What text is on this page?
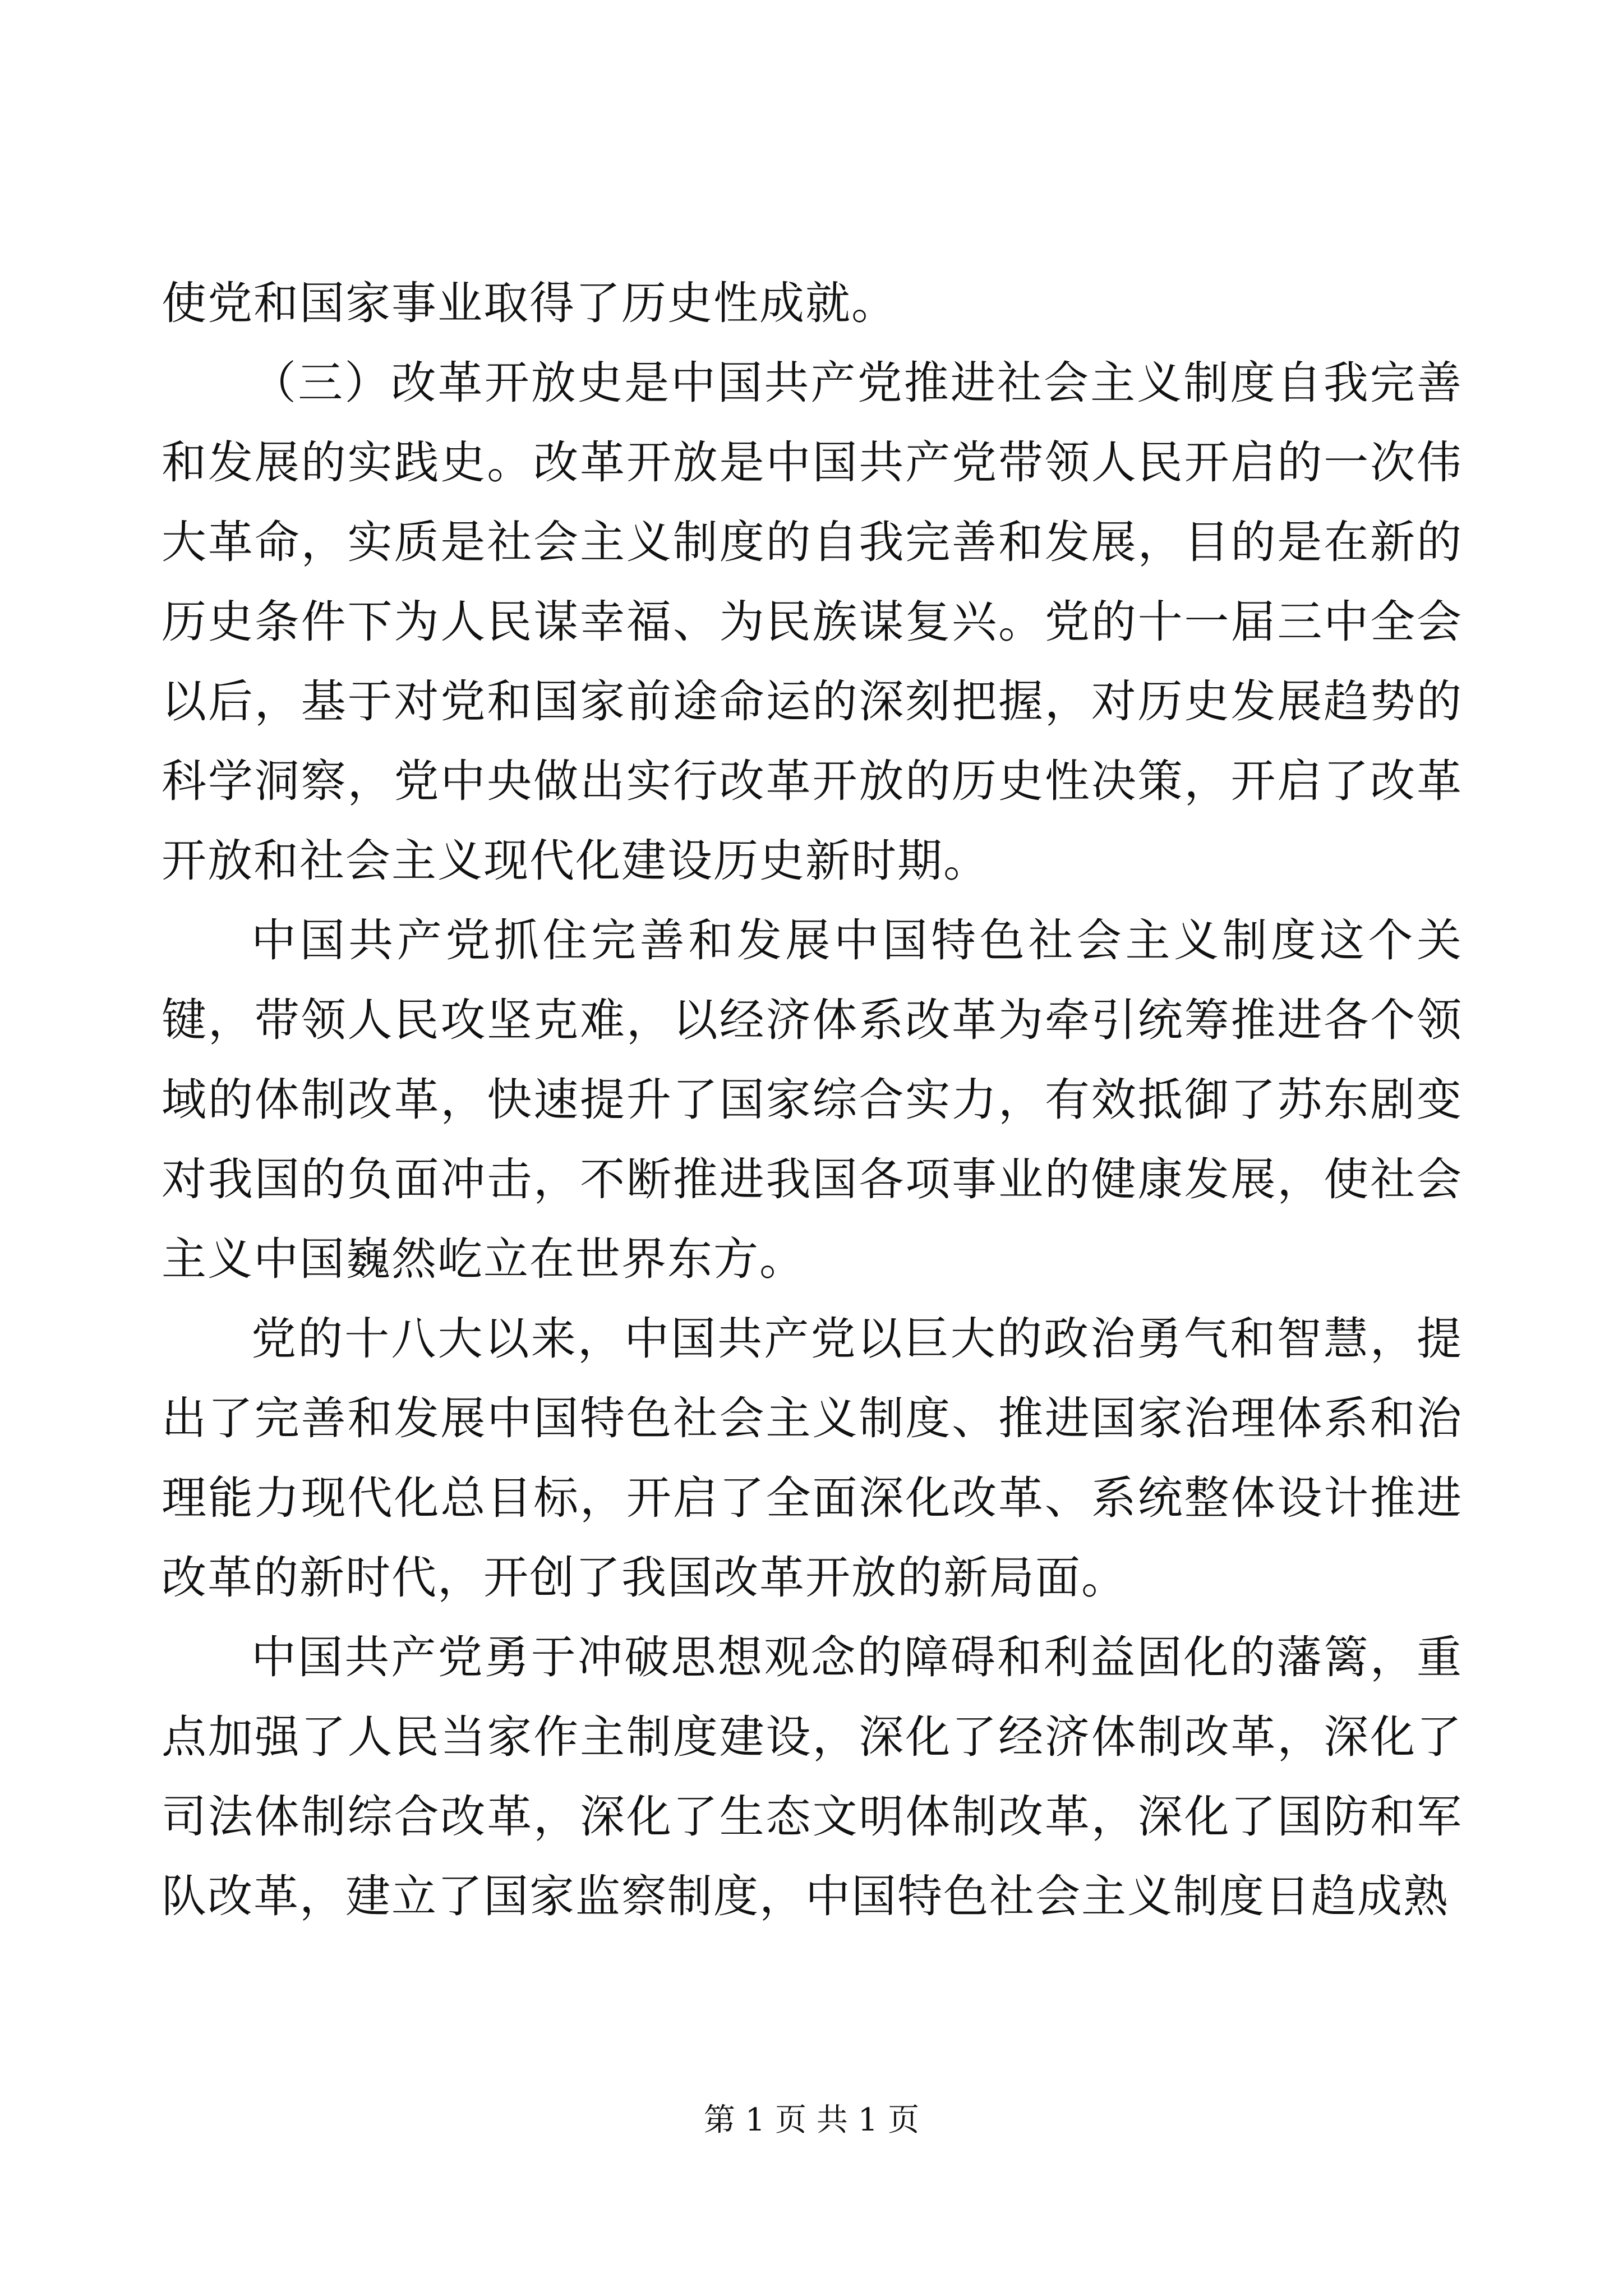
使党和国家事业取得了历史性成就。

（三）改革开放史是中国共产党推进社会主义制度自我完善和发展的实践史。改革开放是中国共产党带领人民开启的一次伟大革命，实质是社会主义制度的自我完善和发展，目的是在新的历史条件下为人民谋幸福、为民族谋复兴。党的十一届三中全会以后，基于对党和国家前途命运的深刻把握，对历史发展趋势的科学洞察，党中央做出实行改革开放的历史性决策，开启了改革开放和社会主义现代化建设历史新时期。

中国共产党抓住完善和发展中国特色社会主义制度这个关键，带领人民攻坚克难，以经济体系改革为牵引统筹推进各个领域的体制改革，快速提升了国家综合实力，有效抵御了苏东剧变对我国的负面冲击，不断推进我国各项事业的健康发展，使社会主义中国巍然屹立在世界东方。

党的十八大以来，中国共产党以巨大的政治勇气和智慧，提出了完善和发展中国特色社会主义制度、推进国家治理体系和治理能力现代化总目标，开启了全面深化改革、系统整体设计推进改革的新时代，开创了我国改革开放的新局面。

中国共产党勇于冲破思想观念的障碍和利益固化的藩篱，重点加强了人民当家作主制度建设，深化了经济体制改革，深化了司法体制综合改革，深化了生态文明体制改革，深化了国防和军队改革，建立了国家监察制度，中国特色社会主义制度日趋成熟

第 1 页 共 1 页
